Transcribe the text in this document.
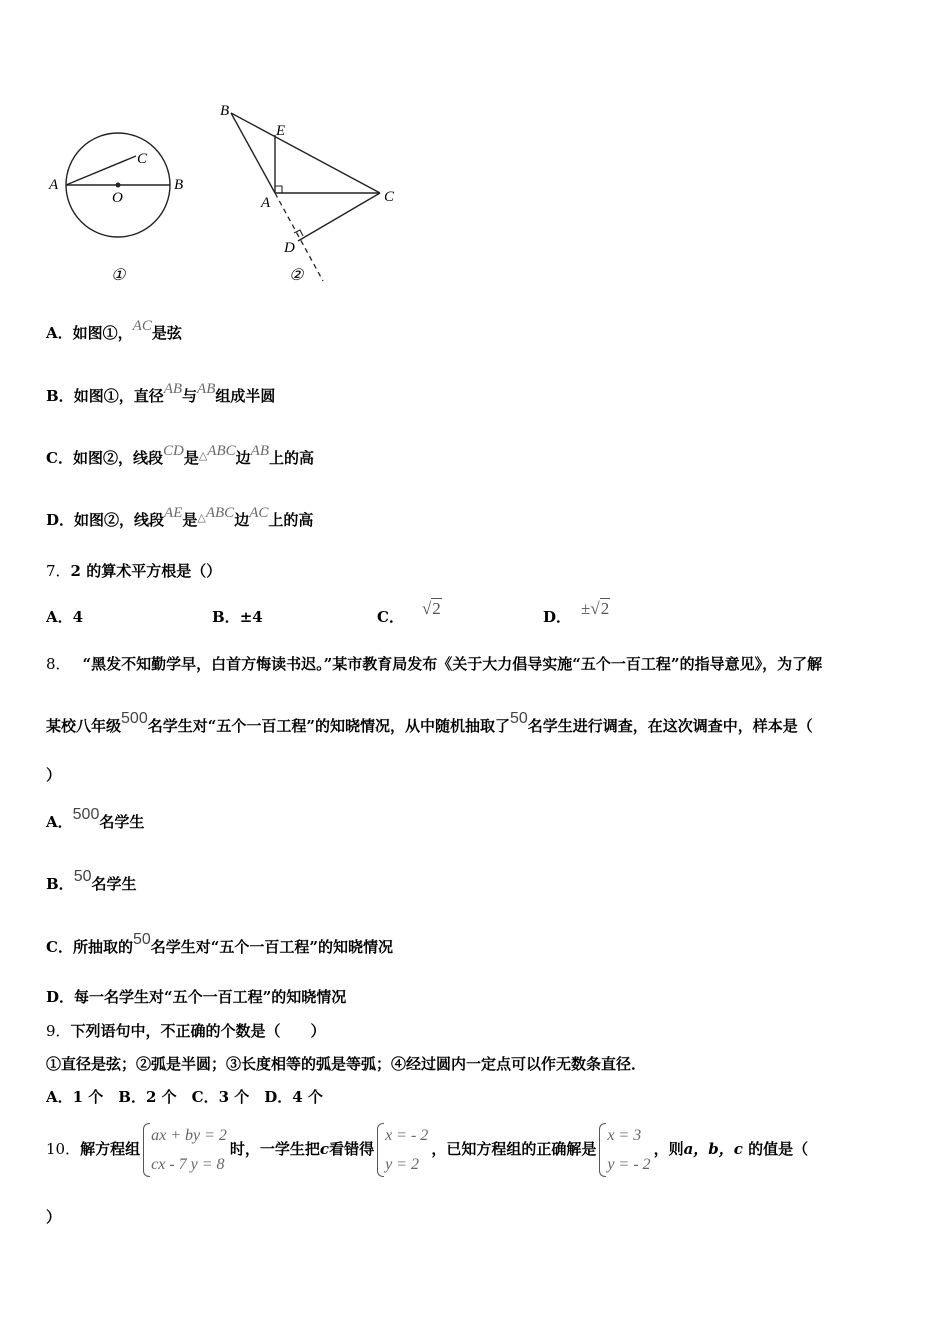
A	B
C
O
①
B
E
A	C
D
②
A．如图①，AC是弦
B．如图①，直径AB与AB组成半圆
C．如图②，线段CD是△ABC边AB上的高
D．如图②，线段AE是△ABC边AC上的高
7．2 的算术平方根是（）
A．4	B．±4	C． √2	D． ±√2
8． “黑发不知勤学早，白首方悔读书迟。”某市教育局发布《关于大力倡导实施“五个一百工程”的指导意见》，为了解
某校八年级500名学生对“五个一百工程”的知晓情况，从中随机抽取了50名学生进行调查，在这次调查中，样本是（
）
A．500名学生
B．50名学生
C．所抽取的50名学生对“五个一百工程”的知晓情况
D．每一名学生对“五个一百工程”的知晓情况
9．下列语句中，不正确的个数是（　　）
①直径是弦；②弧是半圆；③长度相等的弧是等弧；④经过圆内一定点可以作无数条直径．
A．1 个　B．2 个　C．3 个　D．4 个
10．解方程组
ax + by = 2
cx - 7 y = 8
时，一学生把c看错得
x = - 2
y = 2
，已知方程组的正确解是
x = 3
y = - 2
，则a，b，c 的值是（
）
